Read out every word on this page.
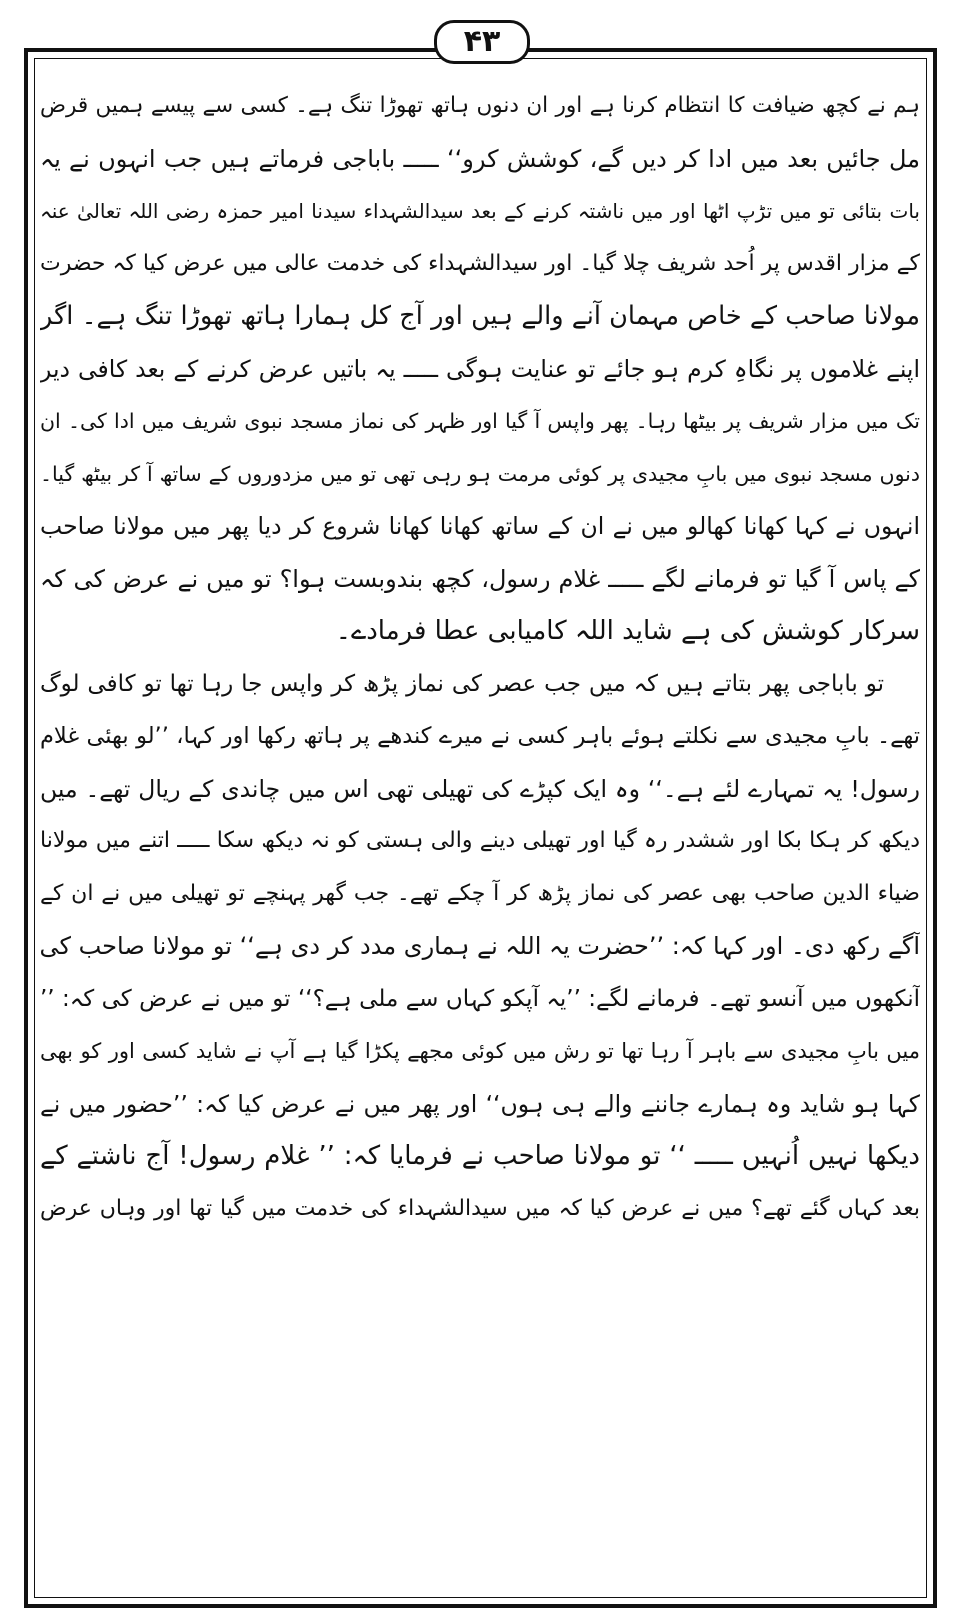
۴۳
ہم نے کچھ ضیافت کا انتظام کرنا ہے اور ان دنوں ہاتھ تھوڑا تنگ ہے۔ کسی سے پیسے ہمیں قرض
مل جائیں بعد میں ادا کر دیں گے، کوشش کرو‘‘ ـــــ باباجی فرماتے ہیں جب انہوں نے یہ
بات بتائی تو میں تڑپ اٹھا اور میں ناشتہ کرنے کے بعد سیدالشہداء سیدنا امیر حمزہ رضی اللہ تعالیٰ عنہ
کے مزار اقدس پر اُحد شریف چلا گیا۔ اور سیدالشہداء کی خدمت عالی میں عرض کیا کہ حضرت
مولانا صاحب کے خاص مہمان آنے والے ہیں اور آج کل ہمارا ہاتھ تھوڑا تنگ ہے۔ اگر
اپنے غلاموں پر نگاہِ کرم ہو جائے تو عنایت ہوگی ـــــ یہ باتیں عرض کرنے کے بعد کافی دیر
تک میں مزار شریف پر بیٹھا رہا۔ پھر واپس آ گیا اور ظہر کی نماز مسجد نبوی شریف میں ادا کی۔ ان
دنوں مسجد نبوی میں بابِ مجیدی پر کوئی مرمت ہو رہی تھی تو میں مزدوروں کے ساتھ آ کر بیٹھ گیا۔
انہوں نے کہا کھانا کھالو میں نے ان کے ساتھ کھانا کھانا شروع کر دیا پھر میں مولانا صاحب
کے پاس آ گیا تو فرمانے لگے ـــــ غلام رسول، کچھ بندوبست ہوا؟ تو میں نے عرض کی کہ
سرکار کوشش کی ہے شاید اللہ کامیابی عطا فرمادے۔
تو باباجی پھر بتاتے ہیں کہ میں جب عصر کی نماز پڑھ کر واپس جا رہا تھا تو کافی لوگ
تھے۔ بابِ مجیدی سے نکلتے ہوئے باہر کسی نے میرے کندھے پر ہاتھ رکھا اور کہا، ’’لو بھئی غلام
رسول! یہ تمہارے لئے ہے۔‘‘ وہ ایک کپڑے کی تھیلی تھی اس میں چاندی کے ریال تھے۔ میں
دیکھ کر ہکا بکا اور ششدر رہ گیا اور تھیلی دینے والی ہستی کو نہ دیکھ سکا ـــــ اتنے میں مولانا
ضیاء الدین صاحب بھی عصر کی نماز پڑھ کر آ چکے تھے۔ جب گھر پہنچے تو تھیلی میں نے ان کے
آگے رکھ دی۔ اور کہا کہ: ’’حضرت یہ اللہ نے ہماری مدد کر دی ہے‘‘ تو مولانا صاحب کی
آنکھوں میں آنسو تھے۔ فرمانے لگے: ’’یہ آپکو کہاں سے ملی ہے؟‘‘ تو میں نے عرض کی کہ: ’’
میں بابِ مجیدی سے باہر آ رہا تھا تو رش میں کوئی مجھے پکڑا گیا ہے آپ نے شاید کسی اور کو بھی
کہا ہو شاید وہ ہمارے جاننے والے ہی ہوں‘‘ اور پھر میں نے عرض کیا کہ: ’’حضور میں نے
دیکھا نہیں اُنہیں ـــــ ‘‘ تو مولانا صاحب نے فرمایا کہ: ’’ غلام رسول! آج ناشتے کے
بعد کہاں گئے تھے؟ میں نے عرض کیا کہ میں سیدالشہداء کی خدمت میں گیا تھا اور وہاں عرض
